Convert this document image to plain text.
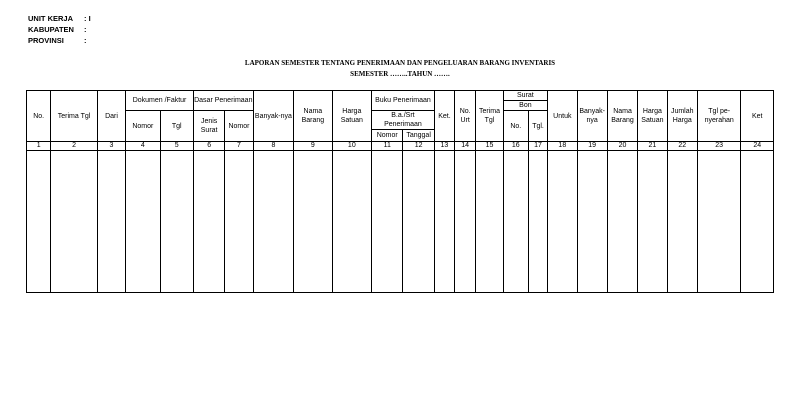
UNIT KERJA	: I
KABUPATEN	:
PROVINSI	:
LAPORAN SEMESTER TENTANG PENERIMAAN DAN PENGELUARAN BARANG INVENTARIS
SEMESTER ……..TAHUN …….
No.	Terima Tgl	Dari	Dokumen /Faktur		Dasar Penerimaan		Banyak-nya	Nama Barang	Harga Satuan	Buku Penerimaan		Ket.	No. Urt	Terima Tgl	Surat		Untuk	Banyak-nya	Nama Barang	Harga Satuan	Jumlah Harga	Tgl pe-nyerahan	Ket
															Bon								
			Nomor	Tgl	Jenis Surat	Nomor				B.a./Srt Penerimaan					No.	Tgl.							
										Nomor	Tanggal												
1	2	3	4	5	6	7	8	9	10	11	12	13	14	15	16	17	18	19	20	21	22	23	24
